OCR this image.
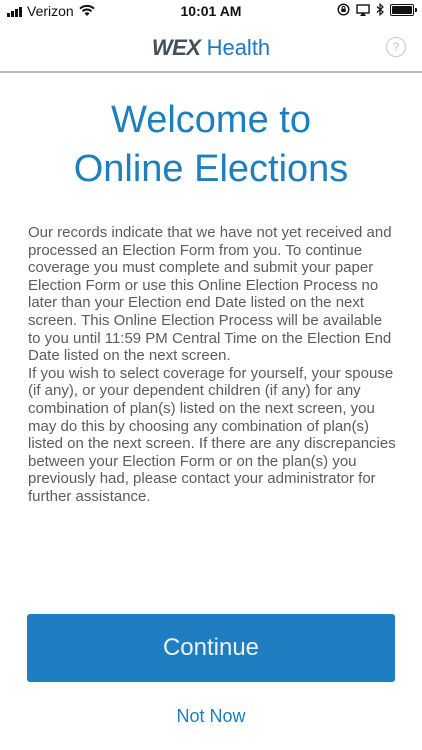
Verizon	10:01 AM
WEX Health	?
Welcome to
Online Elections

Our records indicate that we have not yet received and processed an Election Form from you. To continue coverage you must complete and submit your paper Election Form or use this Online Election Process no later than your Election end Date listed on the next screen. This Online Election Process will be available to you until 11:59 PM Central Time on the Election End Date listed on the next screen.

If you wish to select coverage for yourself, your spouse (if any), or your dependent children (if any) for any combination of plan(s) listed on the next screen, you may do this by choosing any combination of plan(s) listed on the next screen. If there are any discrepancies between your Election Form or on the plan(s) you previously had, please contact your administrator for further assistance.

Continue
Not Now
